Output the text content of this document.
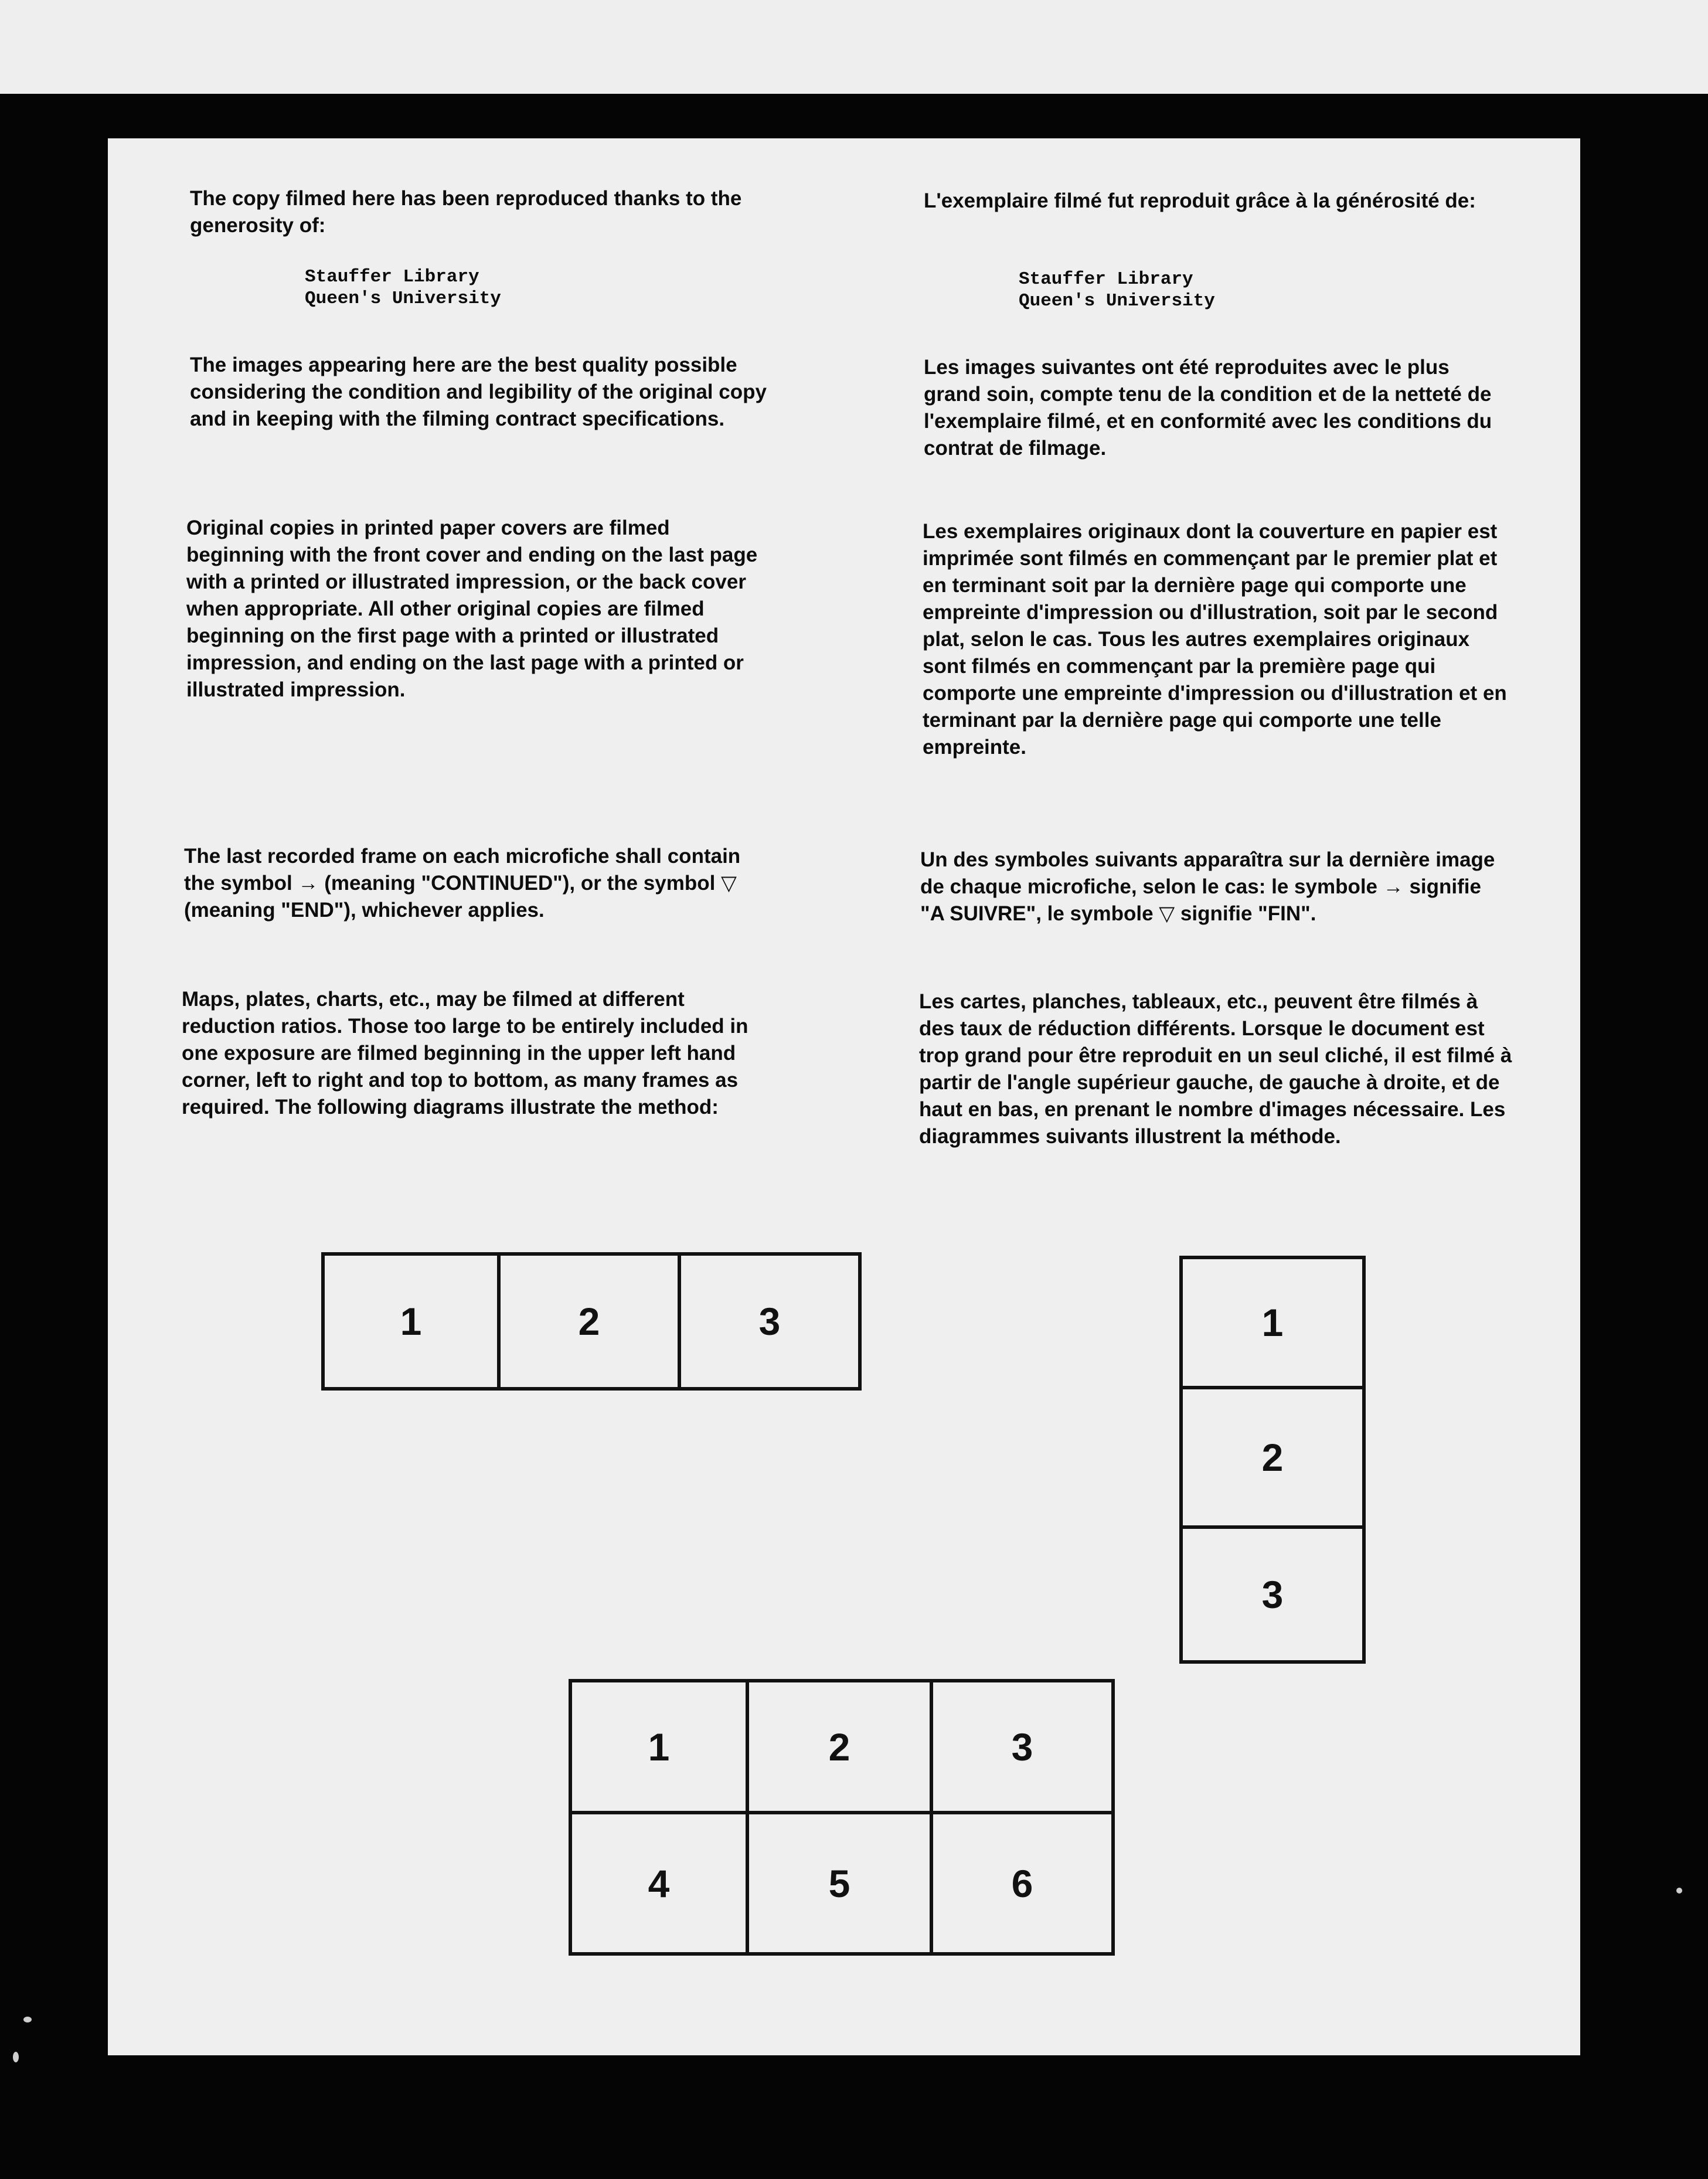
The copy filmed here has been reproduced thanks to the generosity of:

Stauffer Library
Queen's University

The images appearing here are the best quality possible considering the condition and legibility of the original copy and in keeping with the filming contract specifications.

Original copies in printed paper covers are filmed beginning with the front cover and ending on the last page with a printed or illustrated impression, or the back cover when appropriate. All other original copies are filmed beginning on the first page with a printed or illustrated impression, and ending on the last page with a printed or illustrated impression.

The last recorded frame on each microfiche shall contain the symbol → (meaning "CONTINUED"), or the symbol ▽ (meaning "END"), whichever applies.

Maps, plates, charts, etc., may be filmed at different reduction ratios. Those too large to be entirely included in one exposure are filmed beginning in the upper left hand corner, left to right and top to bottom, as many frames as required. The following diagrams illustrate the method:

L'exemplaire filmé fut reproduit grâce à la générosité de:

Stauffer Library
Queen's University

Les images suivantes ont été reproduites avec le plus grand soin, compte tenu de la condition et de la netteté de l'exemplaire filmé, et en conformité avec les conditions du contrat de filmage.

Les exemplaires originaux dont la couverture en papier est imprimée sont filmés en commençant par le premier plat et en terminant soit par la dernière page qui comporte une empreinte d'impression ou d'illustration, soit par le second plat, selon le cas. Tous les autres exemplaires originaux sont filmés en commençant par la première page qui comporte une empreinte d'impression ou d'illustration et en terminant par la dernière page qui comporte une telle empreinte.

Un des symboles suivants apparaîtra sur la dernière image de chaque microfiche, selon le cas: le symbole → signifie "A SUIVRE", le symbole ▽ signifie "FIN".

Les cartes, planches, tableaux, etc., peuvent être filmés à des taux de réduction différents. Lorsque le document est trop grand pour être reproduit en un seul cliché, il est filmé à partir de l'angle supérieur gauche, de gauche à droite, et de haut en bas, en prenant le nombre d'images nécessaire. Les diagrammes suivants illustrent la méthode.

1	2	3	1
2
3
1	2	3
4	5	6
